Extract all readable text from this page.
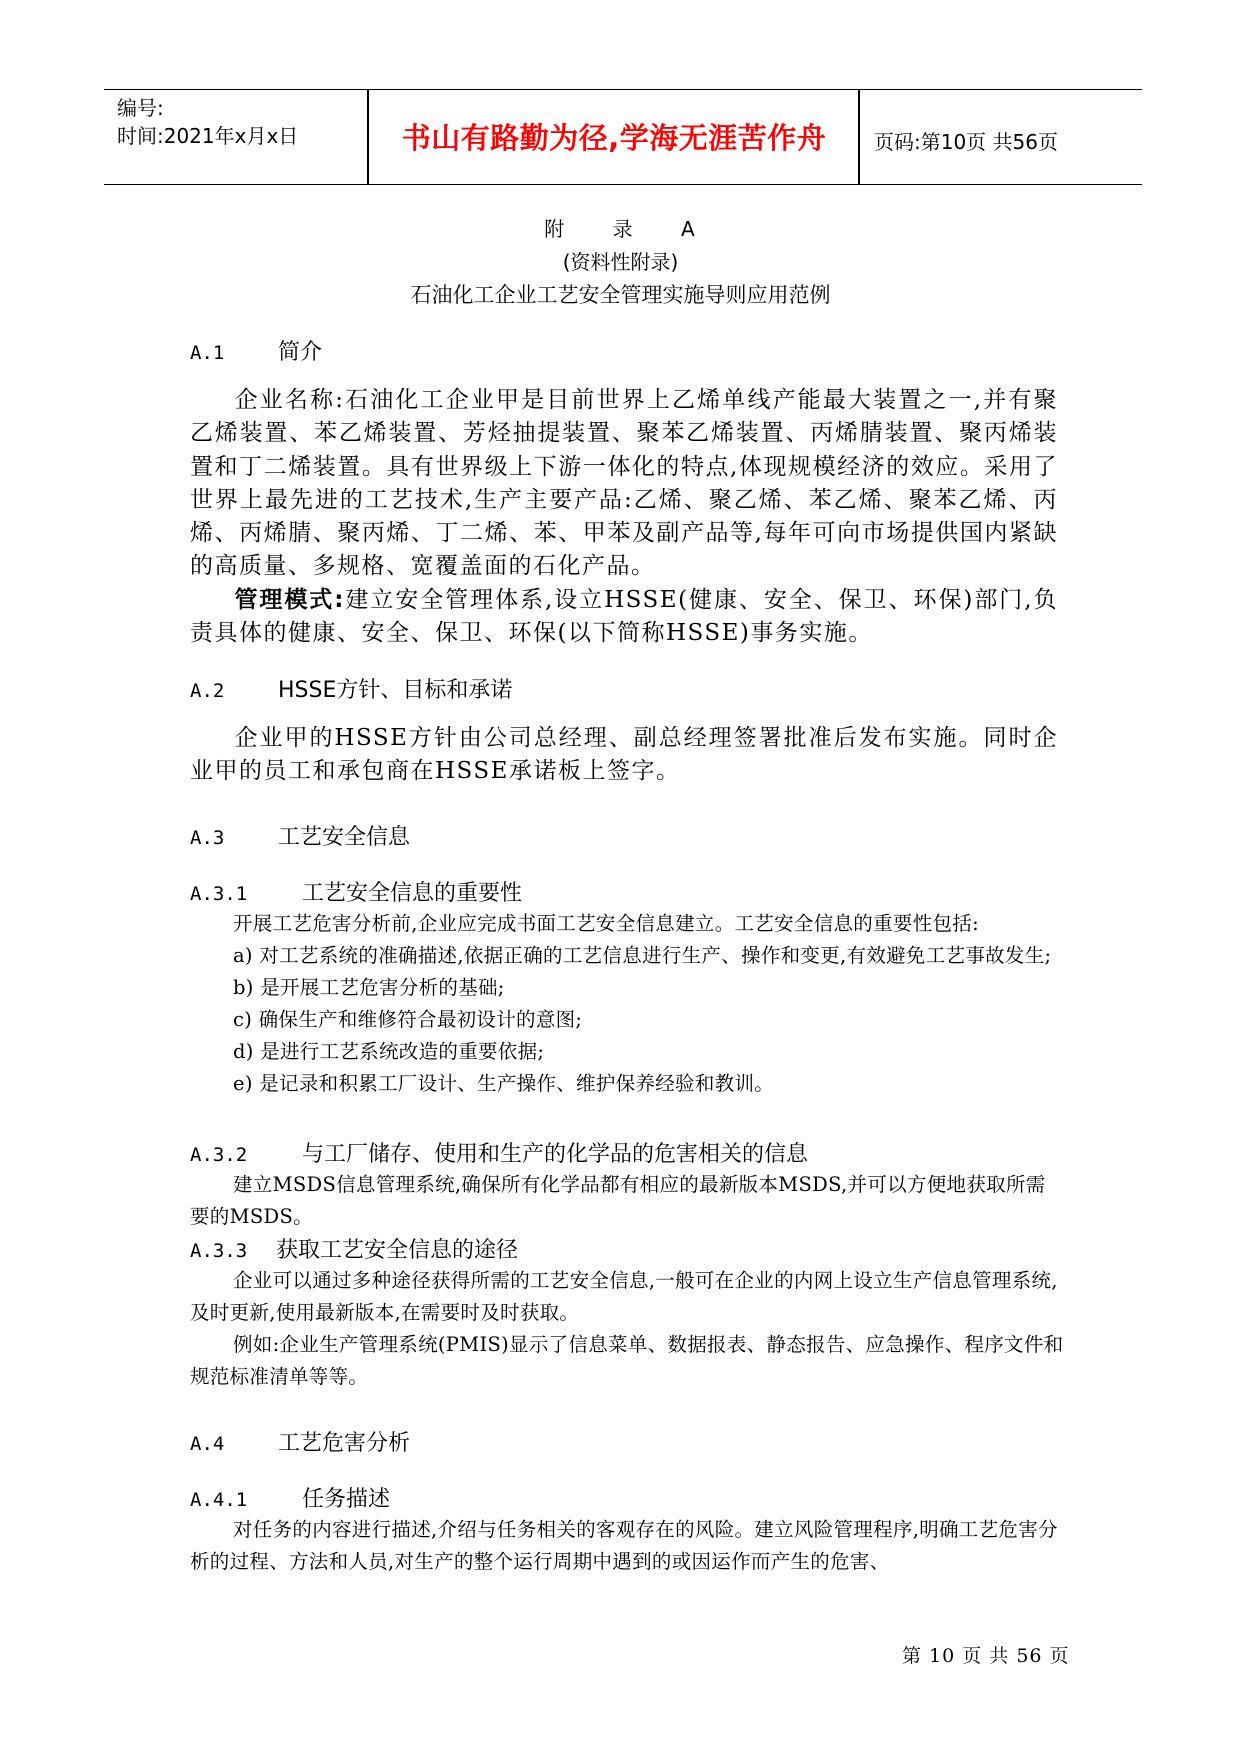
编号:
时间:2021年x月x日	书山有路勤为径,学海无涯苦作舟	页码:第10页 共56页
附 录 A
(资料性附录)
石油化工企业工艺安全管理实施导则应用范例
A.1 简介
企业名称:石油化工企业甲是目前世界上乙烯单线产能最大装置之一,并有聚乙烯装置、苯乙烯装置、芳烃抽提装置、聚苯乙烯装置、丙烯腈装置、聚丙烯装置和丁二烯装置。具有世界级上下游一体化的特点,体现规模经济的效应。采用了世界上最先进的工艺技术,生产主要产品:乙烯、聚乙烯、苯乙烯、聚苯乙烯、丙烯、丙烯腈、聚丙烯、丁二烯、苯、甲苯及副产品等,每年可向市场提供国内紧缺的高质量、多规格、宽覆盖面的石化产品。
管理模式:建立安全管理体系,设立HSSE(健康、安全、保卫、环保)部门,负责具体的健康、安全、保卫、环保(以下简称HSSE)事务实施。
A.2 HSSE方针、目标和承诺
企业甲的HSSE方针由公司总经理、副总经理签署批准后发布实施。同时企业甲的员工和承包商在HSSE承诺板上签字。
A.3 工艺安全信息
A.3.1 工艺安全信息的重要性
开展工艺危害分析前,企业应完成书面工艺安全信息建立。工艺安全信息的重要性包括:
a) 对工艺系统的准确描述,依据正确的工艺信息进行生产、操作和变更,有效避免工艺事故发生;
b) 是开展工艺危害分析的基础;
c) 确保生产和维修符合最初设计的意图;
d) 是进行工艺系统改造的重要依据;
e) 是记录和积累工厂设计、生产操作、维护保养经验和教训。
A.3.2 与工厂储存、使用和生产的化学品的危害相关的信息
建立MSDS信息管理系统,确保所有化学品都有相应的最新版本MSDS,并可以方便地获取所需要的MSDS。
A.3.3 获取工艺安全信息的途径
企业可以通过多种途径获得所需的工艺安全信息,一般可在企业的内网上设立生产信息管理系统,及时更新,使用最新版本,在需要时及时获取。
例如:企业生产管理系统(PMIS)显示了信息菜单、数据报表、静态报告、应急操作、程序文件和规范标准清单等等。
A.4 工艺危害分析
A.4.1 任务描述
对任务的内容进行描述,介绍与任务相关的客观存在的风险。建立风险管理程序,明确工艺危害分析的过程、方法和人员,对生产的整个运行周期中遇到的或因运作而产生的危害、
第 10 页 共 56 页
